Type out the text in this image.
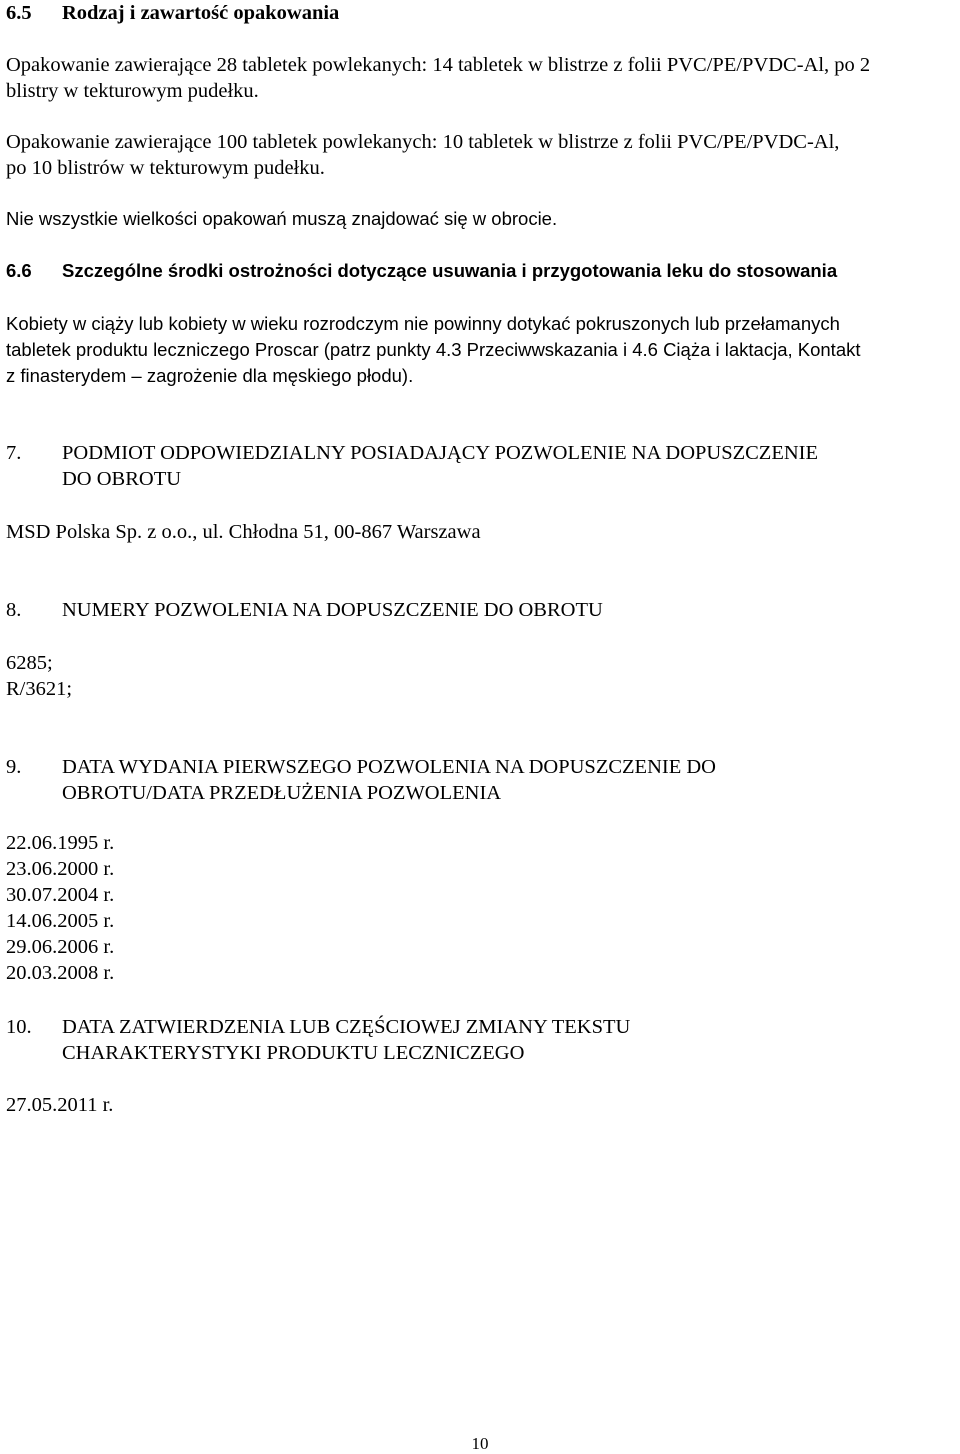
6.5 Rodzaj i zawartość opakowania

Opakowanie zawierające 28 tabletek powlekanych: 14 tabletek w blistrze z folii PVC/PE/PVDC-Al, po 2
blistry w tekturowym pudełku.

Opakowanie zawierające 100 tabletek powlekanych: 10 tabletek w blistrze z folii PVC/PE/PVDC-Al,
po 10 blistrów w tekturowym pudełku.

Nie wszystkie wielkości opakowań muszą znajdować się w obrocie.

6.6 Szczególne środki ostrożności dotyczące usuwania i przygotowania leku do stosowania

Kobiety w ciąży lub kobiety w wieku rozrodczym nie powinny dotykać pokruszonych lub przełamanych
tabletek produktu leczniczego Proscar (patrz punkty 4.3 Przeciwwskazania i 4.6 Ciąża i laktacja, Kontakt
z finasterydem – zagrożenie dla męskiego płodu).

7. PODMIOT ODPOWIEDZIALNY POSIADAJĄCY POZWOLENIE NA DOPUSZCZENIE
DO OBROTU

MSD Polska Sp. z o.o., ul. Chłodna 51, 00-867 Warszawa

8. NUMERY POZWOLENIA NA DOPUSZCZENIE DO OBROTU

6285;
R/3621;

9. DATA WYDANIA PIERWSZEGO POZWOLENIA NA DOPUSZCZENIE DO
OBROTU/DATA PRZEDŁUŻENIA POZWOLENIA

22.06.1995 r.
23.06.2000 r.
30.07.2004 r.
14.06.2005 r.
29.06.2006 r.
20.03.2008 r.

10. DATA ZATWIERDZENIA LUB CZĘŚCIOWEJ ZMIANY TEKSTU
CHARAKTERYSTYKI PRODUKTU LECZNICZEGO

27.05.2011 r.

10
